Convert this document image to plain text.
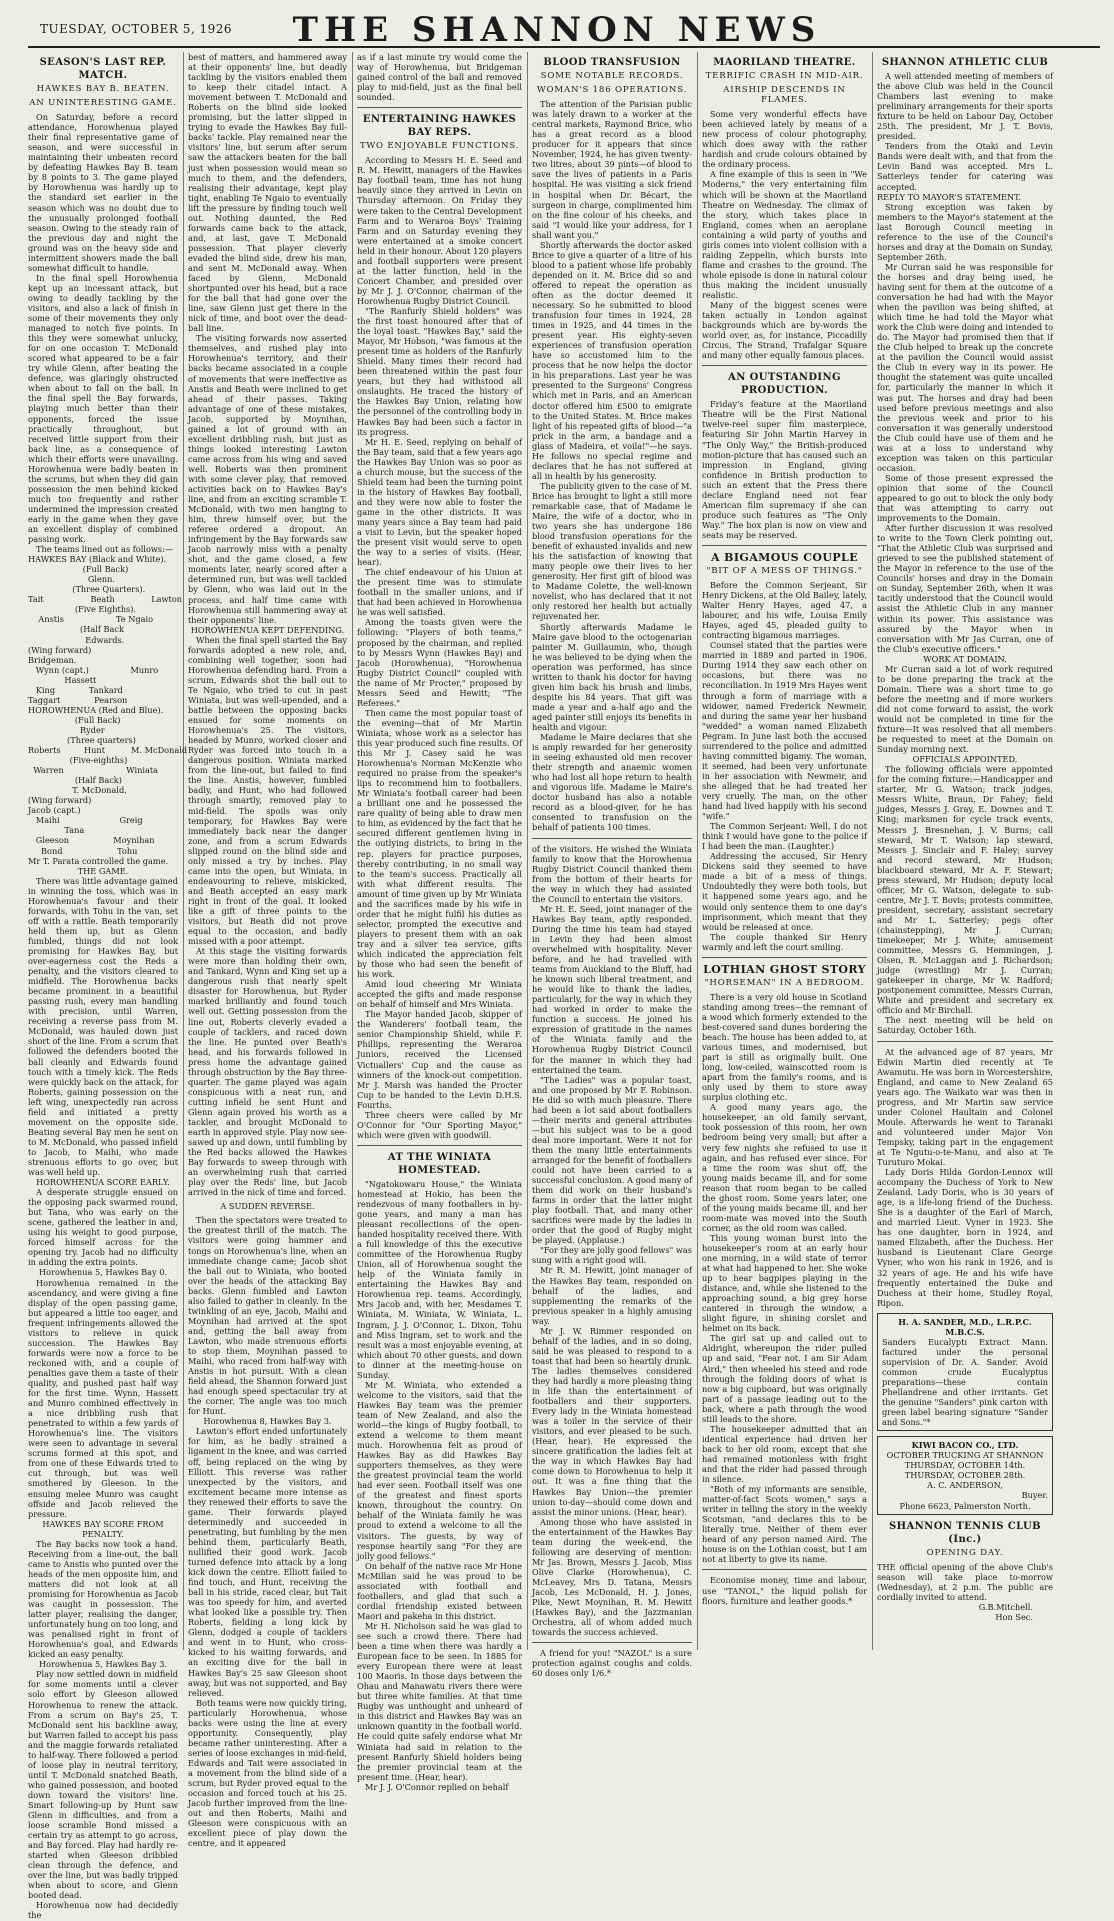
TUESDAY, OCTOBER 5, 1926	THE SHANNON NEWS
SEASON'S LAST REP. MATCH.
HAWKES BAY B. BEATEN.
AN UNINTERESTING GAME.

On Saturday, before a record attendance, Horowhenua played their final representative game of season, and were successful in maintaining their unbeaten record by defeating Hawkes Bay B. team by 8 points to 3. The game played by Horowhenua was hardly up to the standard set earlier in the season which was no doubt due to the unusually prolonged football season. Owing to the steady rain of the previous day and night the ground was on the heavy side and intermittent showers made the ball somewhat difficult to handle.

In the final spell Horowhenua kept up an incessant attack, but owing to deadly tackling by the visitors, and also a lack of finish in some of their movements they only managed to notch five points. In this they were somewhat unlucky, for on one occasion T. McDonald scored what appeared to be a fair try while Glenn, after beating the defence, was glaringly obstructed when about to fall on the ball. In the final spell the Bay forwards, playing much better than their opponents, forced the issue practically throughout, but received little support from their back line, as a consequence of which their efforts were unavailing. Horowhenua were badly beaten in the scrums, but when they did gain possession the men behind kicked much too frequently and rather undermined the impression created early in the game when they gave an excellent display of combined passing work.

The teams lined out as follows:—

HAWKES BAY (Black and White).

(Full Back)
Glenn.
(Three Quarters).
Tait                  Beath              Lawton
(Five Eighths).
Anstis                    Te Ngaio
(Half Back
Edwards.
(Wing forward)
Bridgeman.
Wynn (capt.)                Munro
Hassett
King             Tankard
Taggart             Pearson
HOROWHENUA (Red and Blue).
(Full Back)
Ryder
(Three quarters)
Roberts         Hunt          M. McDonald
(Five-eighths)
Warren                        Winiata
(Half Back)
T. McDonald.
(Wing forward)
Jacob (capt.)
Maihi                       Greig
Tana
Gleeson                 Moynihan
Bond                     Tohu
Mr T. Parata controlled the game.
THE GAME.

There was little advantage gained in winning the toss, which was in Horowhenua's favour and their forwards, with Tohu in the van, set off with a rattle. Beath temporarily held them up, but as Glenn fumbled, things did not look promising for Hawkes Bay, but over-eagerness cost the Reds a penalty, and the visitors cleared to midfield. The Horowhenua backs became prominent in a beautiful passing rush, every man handling with precision, until Warren, receiving a reverse pass from M. McDonald, was hauled down just short of the line. From a scrum that followed the defenders booted the ball cleanly and Edwards found touch with a timely kick. The Reds were quickly back on the attack, for Roberts, gaining possession on the left wing, unexpectedly ran across field and initiated a pretty movement on the opposite side. Beating several Bay men he sent on to M. McDonald, who passed infield to Jacob, to Maihi, who made strenuous efforts to go over, but was well held up.

HOROWHENUA SCORE EARLY.

A desperate struggle ensued on the opposing pack swarmed round, but Tana, who was early on the scene, gathered the leather in and, using his weight to good purpose, forced himself across for the opening try. Jacob had no difficulty in adding the extra points.

Horowhenua 5, Hawkes Bay 0.

Horowhenua remained in the ascendancy, and were giving a fine display of the open passing game, but appeared a little too eager, and frequent infringements allowed the visitors to relieve in quick succession. The Hawkes Bay forwards were now a force to be reckoned with, and a couple of penalties gave them a taste of their quality, and pushed past half way for the first time. Wynn, Hassett and Munro combined effectively in a nice dribbling rush that penetrated to within a few yards of Horowhenua's line. The visitors were seen to advantage in several scrums formed at this spot, and from one of these Edwards tried to cut through, but was well smothered by Gleeson. In the ensuing melee Munro was caught offside and Jacob relieved the pressure.

HAWKES BAY SCORE FROM PENALTY.

The Bay backs now took a hand. Receiving from a line-out, the ball came to Anstis who punted over the heads of the men opposite him, and matters did not look at all promising for Horowhenua as Jacob was caught in possession. The latter player, realising the danger, unfortunately hung on too long, and was penalised right in front of Horowhenua's goal, and Edwards kicked an easy penalty.

Horowhenua 5, Hawkes Bay 3.

Play now settled down in midfield for some moments until a clever solo effort by Gleeson allowed Horowhenua to renew the attack. From a scrum on Bay's 25, T. McDonald sent his backline away, but Warren failed to accept his pass and the maggie forwards retaliated to half-way. There followed a period of loose play in neutral territory, until T. McDonald snatched Beath, who gained possession, and booted down toward the visitors' line. Smart following-up by Hunt saw Glenn in difficulties, and from a loose scramble Bond missed a certain try as attempt to go across, and Bay forced. Play had hardly re-started when Gleeson dribbled clean through the defence, and over the line, but was badly tripped when about to score, and Glenn booted dead.

Horowhenua now had decidedly the

best of matters, and hammered away at their opponents' line, but deadly tackling by the visitors enabled them to keep their citadel intact. A movement between T. McDonald and Roberts on the blind side looked promising, but the latter slipped in trying to evade the Hawkes Bay full-backs' tackle. Play remained near the visitors' line, but serum after serum saw the attackers beaten for the ball just when possession would mean so much to them, and the defenders, realising their advantage, kept play tight, enabling Te Ngaio to eventually lift the pressure by finding touch well out. Nothing daunted, the Red forwards came back to the attack, and, at last, gave T. McDonald possession. That player cleverly evaded the blind side, drew his man, and sent M. McDonald away. When faced by Glenn, McDonald shortpunted over his head, but a race for the ball that had gone over the line, saw Glenn just get there in the nick of time, and boot over the dead-ball line.

The visiting forwards now asserted themselves, and rushed play into Horowhenua's territory, and their backs became associated in a couple of movements that were ineffective as Anstis and Beath were inclined to get ahead of their passes. Taking advantage of one of these mistakes, Jacob, supported by Moynihan, gained a lot of ground with an excellent dribbling rush, but just as things looked interesting Lawton came across from his wing and saved well. Roberts was then prominent with some clever play, that removed activities back on to Hawkes Bay's line, and from an exciting scramble T. McDonald, with two men hanging to him, threw himself over, but the referee ordered a dropout. An infringement by the Bay forwards saw Jacob narrowly miss with a penalty shot, and the game closed, a few moments later, nearly scored after a determined run, but was well tackled by Glenn, who was laid out in the process, and half time came with Horowhenua still hammering away at their opponents' line.

HOROWHENUA KEPT DEFENDING.

When the final spell started the Bay forwards adopted a new role, and, combining well together, soon had Horowhenua defending hard. From a scrum, Edwards shot the ball out to Te Ngaio, who tried to cut in past Winiata, but was well-upended, and a battle between the opposing backs ensued for some moments on Horowhenua's 25. The visitors, headed by Munro, worked closer and Ryder was forced into touch in a dangerous position. Winiata marked from the line-out, but failed to find the line. Anstis, however, fumbled badly, and Hunt, who had followed through smartly, removed play to mid-field. The spoils was only temporary, for Hawkes Bay were immediately back near the danger zone, and from a scrum Edwards slipped round on the blind side and only missed a try by inches. Play came into the open, but Winiata, in endeavouring to relieve, miskicked, and Beath accepted an easy mark right in front of the goal. It looked like a gift of three points to the visitors, but Beath did not prove equal to the occasion, and badly missed with a poor attempt.

At this stage the visiting forwards were more than holding their own, and Tankard, Wynn and King set up a dangerous rush that nearly spelt disaster for Horowhenua, but Ryder marked brilliantly and found touch well out. Getting possession from the line out, Roberts cleverly evaded a couple of tacklers, and raced down the line. He punted over Beath's head, and his forwards followed in press home the advantage gained through obstruction by the Bay three-quarter. The game played was again conspicuous with a neat run, and cutting infield he sent Hunt and Glenn again proved his worth as a tackler, and brought McDonald to earth in approved style. Play now see-sawed up and down, until fumbling by the Red backs allowed the Hawkes Bay forwards to sweep through with an overwhelming rush that carried play over the Reds' line, but Jacob arrived in the nick of time and forced.

A SUDDEN REVERSE.

Then the spectators were treated to the greatest thrill of the match. The visitors were going hammer and tongs on Horowhenua's line, when an immediate change came; Jacob shot the ball out to Winiata, who booted over the heads of the attacking Bay backs. Glenn fumbled and Lawton also failed to gather in cleanly. In the twinkling of an eye, Jacob, Maihi and Moynihan had arrived at the spot and, getting the ball away from Lawton, who made strenuous efforts to stop them, Moynihan passed to Maihi, who raced from half-way with Anstis in hot pursuit. With a clean field ahead, the Shannon forward just had enough speed spectacular try at the corner. The angle was too much for Hunt.

Horowhenua 8, Hawkes Bay 3.

Lawton's effort ended unfortunately for him, as he badly strained a ligament in the knee, and was carried off, being replaced on the wing by Elliott. This reverse was rather unexpected by the visitors, and excitement became more intense as they renewed their efforts to save the game. Their forwards played determinedly and succeeded in penetrating, but fumbling by the men behind them, particularly Beath, nullified their good work. Jacob turned defence into attack by a long kick down the centre. Elliott failed to find touch, and Hunt, receiving the ball in his stride, raced clear, but Tait was too speedy for him, and averted what looked like a possible try. Then Roberts, fielding a long kick by Glenn, dodged a couple of tacklers and went in to Hunt, who cross-kicked to his waiting forwards, and an exciting dive for the ball in Hawkes Bay's 25 saw Gleeson shoot away, but was not supported, and Bay relieved.

Both teams were now quickly tiring, particularly Horowhenua, whose backs were using the line at every opportunity. Consequently, play became rather uninteresting. After a series of loose exchanges in mid-field, Edwards and Tait were associated in a movement from the blind side of a scrum, but Ryder proved equal to the occasion and forced touch at his 25. Jacob further improved from the line-out and then Roberts, Maihi and Gleeson were conspicuous with an excellent piece of play down the centre, and it appeared

as if a last minute try would come the way of Horowhenua, but Bridgeman gained control of the ball and removed play to mid-field, just as the final bell sounded.

ENTERTAINING HAWKES BAY REPS.
TWO ENJOYABLE FUNCTIONS.

According to Messrs H. E. Seed and R. M. Hewitt, managers of the Hawkes Bay football team, time has not hung heavily since they arrived in Levin on Thursday afternoon. On Friday they were taken to the Central Development Farm and to Weraroa Boys' Training Farm and on Saturday evening they were entertained at a smoke concert held in their honour. About 120 players and football supporters were present at the latter function, held in the Concert Chamber, and presided over by Mr J. J. O'Connor, chairman of the Horowhenua Rugby District Council.

"The Ranfurly Shield holders" was the first toast honoured after that of the loyal toast. "Hawkes Bay," said the Mayor, Mr Hobson, "was famous at the present time as holders of the Ranfurly Shield. Many times their record had been threatened within the past four years, but they had withstood all onslaughts. He traced the history of the Hawkes Bay Union, relating how the personnel of the controlling body in Hawkes Bay had been such a factor in its progress.

Mr H. E. Seed, replying on behalf of the Bay team, said that a few years ago the Hawkes Bay Union was so poor as a church mouse, but the success of the Shield team had been the turning point in the history of Hawkes Bay football, and they were now able to foster the game in the other districts. It was many years since a Bay team had paid a visit to Levin, but the speaker hoped the present visit would serve to open the way to a series of visits. (Hear, hear).

The chief endeavour of his Union at the present time was to stimulate football in the smaller unions, and if that had been achieved in Horowhenua he was well satisfied.

Among the toasts given were the following: "Players of both teams," proposed by the chairman, and replied to by Messrs Wynn (Hawkes Bay) and Jacob (Horowhenua), "Horowhenua Rugby District Council" coupled with the name of Mr Procter," proposed by Messrs Seed and Hewitt; "The Referees."

Then came the most popular toast of the evening—that of Mr Martin Winiata, whose work as a selector has this year produced such fine results. Of this Mr J. Casey said he was Horowhenua's Norman McKenzie who required no praise from the speaker's lips to recommend him to footballers. Mr Winiata's football career had been a brilliant one and he possessed the rare quality of being able to draw men to him, as evidenced by the fact that he secured different gentlemen living in the outlying districts, to bring in the rep. players for practice purposes, thereby contributing, in no small way to the team's success. Practically all with what different results. The amount of time given up by Mr Winiata and the sacrifices made by his wife in order that he might fulfil his duties as selector, prompted the executive and players to present them with an oak tray and a silver tea service, gifts which indicated the appreciation felt by those who had seen the benefit of his work.

Amid loud cheering Mr Winiata accepted the gifts and made response on behalf of himself and Mrs Winiata.

The Mayor handed Jacob, skipper of the Wanderers' football team, the senior Championship Shield, while F. Phillips, representing the Weraroa Juniors, received the Licensed Victuallers' Cup and the cause as winners of the knock-out competition. Mr J. Marsh was handed the Procter Cup to be handed to the Levin D.H.S. Fourths.

Three cheers were called by Mr O'Connor for "Our Sporting Mayor," which were given with goodwill.

AT THE WINIATA HOMESTEAD.

"Ngatokowaru House," the Winiata homestead at Hokio, has been the rendezvous of many footballers in by-gone years, and many a man has pleasant recollections of the open-handed hospitality received there. With a full knowledge of this the executive committee of the Horowhenua Rugby Union, all of Horowhenua sought the help of the Winiata family in entertaining the Hawkes Bay and Horowhenua rep. teams. Accordingly, Mrs Jacob and, with her, Mesdames T. Winiata, M. Winiata, W. Winiata, L. Ingram, J. J. O'Connor, L. Dixon, Tohu and Miss Ingram, set to work and the result was a most enjoyable evening, at which about 70 other guests, and down to dinner at the meeting-house on Sunday.

Mr M. Winiata, who extended a welcome to the visitors, said that the Hawkes Bay team was the premier team of New Zealand, and also the world—the kings of Rugby football, to extend a welcome to them meant much. Horowhenua felt as proud of Hawkes Bay as did Hawkes Bay supporters themselves, as they were the greatest provincial team the world had ever seen. Football itself was one of the greatest and finest sports known, throughout the country. On behalf of the Winiata family he was proud to extend a welcome to all the visitors. The guests, by way of response heartily sang "For they are jolly good fellows."

On behalf of the native race Mr Hone McMillan said he was proud to be associated with football and footballers, and glad that such a cordial friendship existed between Maori and pakeha in this district.

Mr H. Nicholson said he was glad to see such a crowd there. There had been a time when there was hardly a European face to be seen. In 1885 for every European there were at least 100 Maoris. In those days between the Ohau and Manawatu rivers there were but three white families. At that time Rugby was unthought and unheard of in this district and Hawkes Bay was an unknown quantity in the football world. He could quite safely endorse what Mr Winiata had said in relation to the present Ranfurly Shield holders being the premier provincial team at the present time. (Hear, hear).

Mr J. J. O'Connor replied on behalf

BLOOD TRANSFUSION
SOME NOTABLE RECORDS.
WOMAN'S 186 OPERATIONS.

The attention of the Parisian public was lately drawn to a worker at the central markets, Raymond Brice, who has a great record as a blood producer for it appears that since November, 1924, he has given twenty-two litres, about 39 pints—of blood to save the lives of patients in a Paris hospital. He was visiting a sick friend in hospital when Dr. Bécart, the surgeon in charge, complimented him on the fine colour of his cheeks, and said "I would like your address, for I shall want you."

Shortly afterwards the doctor asked Brice to give a quarter of a litre of his blood to a patient whose life probably depended on it. M. Brice did so and offered to repeat the operation as often as the doctor deemed it necessary. So he submitted to blood transfusion four times in 1924, 28 times in 1925, and 44 times in the present year. His eighty-seven experiences of transfusion operation have so accustomed him to the process that he now helps the doctor in his preparations. Last year he was presented to the Surgeons' Congress which met in Paris, and an American doctor offered him £500 to emigrate to the United States. M. Brice makes light of his repeated gifts of blood—"a prick in the arm, a bandage and a glass of Madeira, et voila!"—he says. He follows no special regime and declares that he has not suffered at all in health by his generosity.

The publicity given to the case of M. Brice has brought to light a still more remarkable case, that of Madame le Maire, the wife of a doctor, who in two years she has undergone 186 blood transfusion operations for the benefit of exhausted invalids and new his the satisfaction of knowing that many people owe their lives to her generosity. Her first gift of blood was to Madame Colette, the well-known novelist, who has declared that it not only restored her health but actually rejuvenated her.

Shortly afterwards Madame le Maire gave blood to the octogenarian painter M. Guillaumin, who, though he was believed to be dying when the operation was performed, has since written to thank his doctor for having given him back his brush and limbs, despite his 84 years. That gift was made a year and a-half ago and the aged painter still enjoys its benefits in health and vigour.

Madame le Maire declares that she is amply rewarded for her generosity in seeing exhausted old men recover their strength and anaemic women who had lost all hope return to health and vigorous life. Madame le Maire's doctor husband has also a notable record as a blood-giver, for he has consented to transfusion on the behalf of patients 100 times.

of the visitors. He wished the Winiata family to know that the Horowhenua Rugby District Council thanked them from the bottom of their hearts for the way in which they had assisted the Council to entertain the visitors.

Mr H. E. Seed, joint manager of the Hawkes Bay team, aptly responded. During the time his team had stayed in Levin they had been almost overwhelmed with hospitality. Never before, and he had travelled with teams from Auckland to the Bluff, had he known such liberal treatment, and he would like to thank the ladies, particularly, for the way in which they had worked in order to make the function a success. He joined his expression of gratitude in the names of the Winiata family and the Horowhenua Rugby District Council for the manner in which they had entertained the team.

"The Ladies" was a popular toast, and one proposed by Mr F. Robinson. He did so with much pleasure. There had been a lot said about footballers—their merits and general attributes—but his subject was to be a good deal more important. Were it not for them the many little entertainments arranged for the benefit of footballers could not have been carried to a successful conclusion. A good many of them did work on their husband's farms in order that the latter might play football. That, and many other sacrifices were made by the ladies in order that the good of Rugby might be played. (Applause.)

"For they are jolly good fellows" was sung with a right good will.

Mr R. M. Hewitt, joint manager of the Hawkes Bay team, responded on behalf of the ladies, and supplementing the remarks of the previous speaker in a highly amusing way.

Mr J. W. Rimmer responded on behalf of the ladies, and in so doing, said he was pleased to respond to a toast that had been so heartily drunk. The ladies themselves considered they had hardly a more pleasing thing in life than the entertainment of footballers and their supporters. Every lady in the Winiata homestead was a toiler in the service of their visitors, and ever pleased to be such. (Hear, hear). He expressed the sincere gratification the ladies felt at the way in which Hawkes Bay had come down to Horowhenua to help it out. It was a fine thing that the Hawkes Bay Union—the premier union to-day—should come down and assist the minor unions. (Hear, hear).

Among those who have assisted in the entertainment of the Hawkes Bay team during the week-end, the following are deserving of mention: Mr Jas. Brown, Messrs J. Jacob, Miss Olive Clarke (Horowhenua), C. McLeavey, Mrs D. Tatana, Messrs Jacob, Les McDonald, H. J. Jones, Pike, Newt Moynihan, R. M. Hewitt (Hawkes Bay), and the Jazzmanian Orchestra, all of whom added much towards the success achieved.

A friend for you! "NAZOL" is a sure protection against coughs and colds. 60 doses only 1/6.*

MAORILAND THEATRE.
TERRIFIC CRASH IN MID-AIR.
AIRSHIP DESCENDS IN FLAMES.

Some very wonderful effects have been achieved lately by means of a new process of colour photography, which does away with the rather hardish and crude colours obtained by the ordinary process.

A fine example of this is seen in "We Moderns," the very entertaining film which will be shown at the Maoriland Theatre on Wednesday. The climax of the story, which takes place in England, comes when an aeroplane containing a wild party of youths and girls comes into violent collision with a raiding Zeppelin, which bursts into flame and crashes to the ground. The whole episode is done in natural colour thus making the incident unusually realistic.

Many of the biggest scenes were taken actually in London against backgrounds which are by-words the world over, as, for instance, Piccadilly Circus, The Strand, Trafalgar Square and many other equally famous places.

AN OUTSTANDING PRODUCTION.

Friday's feature at the Maoriland Theatre will be the First National twelve-reel super film masterpiece, featuring Sir John Martin Harvey in "The Only Way," the British-produced motion-picture that has caused such an impression in England, giving confidence in British production to such an extent that the Press there declare England need not fear American film supremacy if she can produce such features as "The Only Way." The box plan is now on view and seats may be reserved.

A BIGAMOUS COUPLE
"BIT OF A MESS OF THINGS."

Before the Common Serjeant, Sir Henry Dickens, at the Old Bailey, lately, Walter Henry Hayes, aged 47, a labourer, and his wife, Louisa Emily Hayes, aged 45, pleaded guilty to contracting bigamous marriages.

Counsel stated that the parties were married in 1889 and parted in 1906. During 1914 they saw each other on occasions, but there was no reconciliation. In 1919 Mrs Hayes went through a form of marriage with a widower, named Frederick Newmeir, and during the same year her husband "wedded" a woman named Elizabeth Pegram. In June last both the accused surrendered to the police and admitted having committed bigamy. The woman, it seemed, had been very unfortunate in her association with Newmeir, and she alleged that he had treated her very cruelly. The man, on the other hand had lived happily with his second "wife."

The Common Serjeant: Well, I do not think I would have gone to the police if I had been the man. (Laughter.)

Addressing the accused, Sir Henry Dickens said they seemed to have made a bit of a mess of things. Undoubtedly they were both tools, but it happened some years ago, and he would only sentence them to one day's imprisonment, which meant that they would be released at once.

The couple thanked Sir Henry warmly and left the court smiling.

LOTHIAN GHOST STORY
"HORSEMAN" IN A BEDROOM.

There is a very old house in Scotland standing among trees—the remnant of a wood which formerly extended to the best-covered sand dunes bordering the beach. The house has been added to, at various times, and modernised, but part is still as originally built. One long, low-ceiled, wainscotted room is apart from the family's rooms, and is only used by them to store away surplus clothing etc.

A good many years ago, the housekeeper, an old family servant, took possession of this room, her own bedroom being very small; but after a very few nights she refused to use it again, and has refused ever since. For a time the room was shut off, the young maids became ill, and for some reason that room began to be called the ghost room. Some years later, one of the young maids became ill, and her room-mate was moved into the South corner, as the old room was called.

This young woman burst into the housekeeper's room at an early hour one morning, in a wild state of terror at what had happened to her. She woke up to hear bagpipes playing in the distance, and, while she listened to the approaching sound, a big grey horse cantered in through the window, a slight figure, in shining corslet and helmet on its back.

The girl sat up and called out to Aldright, whereupon the rider pulled up and said, "Fear not. I am Sir Adam Aird," then wheeled his steed and rode through the folding doors of what is now a big cupboard, but was originally part of a passage leading out to the back, where a path through the wood still leads to the shore.

The housekeeper admitted that an identical experience had driven her back to her old room, except that she had remained motionless with fright and that the rider had passed through in silence.

"Both of my informants are sensible, matter-of-fact Scots women," says a writer in telling the story in the weekly Scotsman, "and declares this to be literally true. Neither of them ever heard of any person named Aird. The house is on the Lothian coast, but I am not at liberty to give its name.

Economise money, time and labour, use "TANOL," the liquid polish for floors, furniture and leather goods.*

SHANNON ATHLETIC CLUB

A well attended meeting of members of the above Club was held in the Council Chambers last evening to make preliminary arrangements for their sports fixture to be held on Labour Day, October 25th. The president, Mr J. T. Bovis, presided.

Tenders from the Otaki and Levin Bands were dealt with, and that from the Levin Band was accepted. Mrs L. Satterleys tender for catering was accepted.

REPLY TO MAYOR'S STATEMENT.

Strong exception was taken by members to the Mayor's statement at the last Borough Council meeting in reference to the use of the Council's horses and dray at the Domain on Sunday, September 26th.

Mr Curran said he was responsible for the horses and dray being used, he having sent for them at the outcome of a conversation he had had with the Mayor when the pavilion was being shifted, at which time he had told the Mayor what work the Club were doing and intended to do. The Mayor had promised then that if the Club helped to break up the concrete at the pavilion the Council would assist the Club in every way in its power. He thought the statement was quite uncalled for, particularly the manner in which it was put. The horses and dray had been used before previous meetings and also the previous week and prior to his conversation it was generally understood the Club could have use of them and he was at a loss to understand why exception was taken on this particular occasion.

Some of those present expressed the opinion that some of the Council appeared to go out to block the only body that was attempting to carry out improvements to the Domain.

After further discussion it was resolved to write to the Town Clerk pointing out, "That the Athletic Club was surprised and grieved to see the published statement of the Mayor in reference to the use of the Councils' horses and dray in the Domain on Sunday, September 26th, when it was tacitly understood that the Council would assist the Athletic Club in any manner within its power. This assistance was assured by the Mayor when in conversation with Mr Jas Curran, one of the Club's executive officers."

WORK AT DOMAIN.

Mr Curran said a lot of work required to be done preparing the track at the Domain. There was a short time to go before the meeting and if more workers did not come forward to assist, the work would not be completed in time for the fixture—It was resolved that all members be requested to meet at the Domain on Sunday morning next.

OFFICIALS APPOINTED.

The following officials were appointed for the coming fixture:—Handicapper and starter, Mr G. Watson; track judges, Messrs White, Braun, Dr Fahey; field judges, Messrs J. Gray, E. Downes and T. King; marksmen for cycle track events, Messrs J. Bresnehan, J. V. Burns; call steward, Mr T. Watson; lap steward, Messrs J. Sinclair and F. Haley; survey and record steward, Mr Hudson; blackboard steward, Mr A. F. Stewart; press steward, Mr Hudson; deputy local officer, Mr G. Watson, delegate to sub-centre, Mr J. T. Bovis; protests committee, president, secretary, assistant secretary and Mr L. Satterley; pegs ofter (chainstepping), Mr J. Curran; timekeeper, Mr J. White; amusement committee, Messrs G. Hemmingen, J. Olsen, R. McLaggan and J. Richardson; judge (wrestling) Mr J. Curran; gatekeeper in charge, Mr W. Radford; postponement committee, Messrs Curran, White and president and secretary ex officio and Mr Birchall.

The next meeting will be held on Saturday, October 16th.

At the advanced age of 87 years, Mr Edwin Martin died recently at Te Awamutu. He was born in Worcestershire, England, and came to New Zealand 65 years ago. The Waikato war was then in progress, and Mr Martin saw service under Colonel Haultain and Colonel Moule. Afterwards he went to Taranaki and volunteered under Major Von Tempsky, taking part in the engagement at Te Ngutu-o-te-Manu, and also at Te Turuturo Mokai.

Lady Doris Hilda Gordon-Lennox will accompany the Duchess of York to New Zealand. Lady Doris, who is 30 years of age, is a life-long friend of the Duchess. She is a daughter of the Earl of March, and married Lieut. Vyner in 1923. She has one daughter, born in 1924, and named Elizabeth, after the Duchess. Her husband is Lieutenant Clare George Vyner, who won his rank in 1926, and is 32 years of age. He and his wife have frequently entertained the Duke and Duchess at their home, Studley Royal, Ripon.

H. A. SANDER, M.D., L.R.P.C. M.B.C.S.

Sanders Eucalyptı Extract Mann. factured under the personal supervision of Dr. A. Sander. Avoid common crude Eucalyptus preparations—these contain Phellandrene and other irritants. Get the genuine "Sanders" pink carton with green label bearing signature "Sander and Sons."*

KIWI BACON CO., LTD.
OCTOBER TRUCKING AT SHANNON
THURSDAY, OCTOBER 14th.
THURSDAY, OCTOBER 28th.
A. C. ANDERSON,
Buyer.
Phone 6623, Palmerston North.
SHANNON TENNIS CLUB (Inc.)
OPENING DAY.

THE official opening of the above Club's season will take place to-morrow (Wednesday), at 2 p.m. The public are cordially invited to attend.

G.B.Mitchell.
Hon Sec.
